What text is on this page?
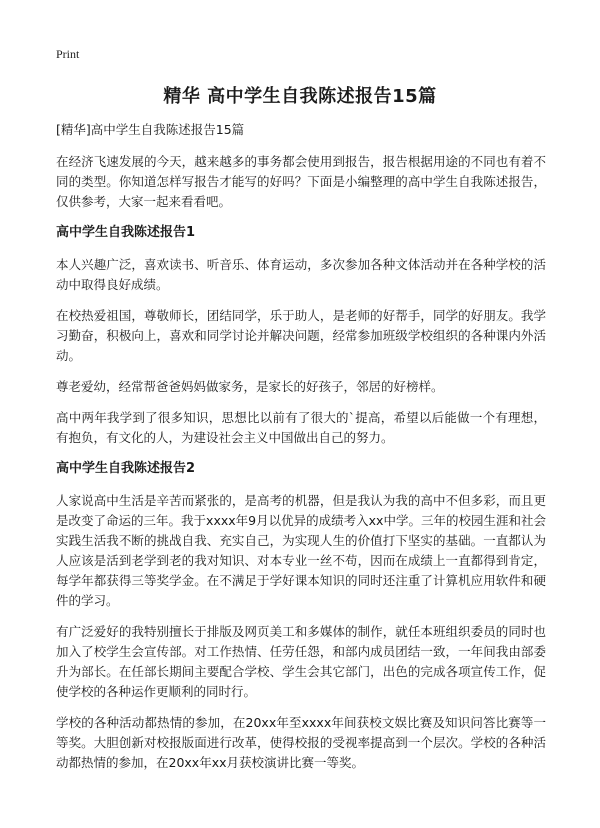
Print
精华 高中学生自我陈述报告15篇
[精华]高中学生自我陈述报告15篇

在经济飞速发展的今天，越来越多的事务都会使用到报告，报告根据用途的不同也有着不同的类型。你知道怎样写报告才能写的好吗？下面是小编整理的高中学生自我陈述报告，仅供参考，大家一起来看看吧。

高中学生自我陈述报告1

本人兴趣广泛，喜欢读书、听音乐、体育运动，多次参加各种文体活动并在各种学校的活动中取得良好成绩。

在校热爱祖国，尊敬师长，团结同学，乐于助人，是老师的好帮手，同学的好朋友。我学习勤奋，积极向上，喜欢和同学讨论并解决问题，经常参加班级学校组织的各种课内外活动。

尊老爱幼，经常帮爸爸妈妈做家务，是家长的好孩子，邻居的好榜样。

高中两年我学到了很多知识，思想比以前有了很大的`提高，希望以后能做一个有理想，有抱负，有文化的人，为建设社会主义中国做出自己的努力。

高中学生自我陈述报告2

人家说高中生活是辛苦而紧张的，是高考的机器，但是我认为我的高中不但多彩，而且更是改变了命运的三年。我于xxxx年9月以优异的成绩考入xx中学。三年的校园生涯和社会实践生活我不断的挑战自我、充实自己，为实现人生的价值打下坚实的基础。一直都认为人应该是活到老学到老的我对知识、对本专业一丝不苟，因而在成绩上一直都得到肯定，每学年都获得三等奖学金。在不满足于学好课本知识的同时还注重了计算机应用软件和硬件的学习。

有广泛爱好的我特别擅长于排版及网页美工和多媒体的制作，就任本班组织委员的同时也加入了校学生会宣传部。对工作热情、任劳任怨，和部内成员团结一致，一年间我由部委升为部长。在任部长期间主要配合学校、学生会其它部门，出色的完成各项宣传工作，促使学校的各种运作更顺利的同时行。

学校的各种活动都热情的参加，在20xx年至xxxx年间获校文娱比赛及知识问答比赛等一等奖。大胆创新对校报版面进行改革，使得校报的受视率提高到一个层次。学校的各种活动都热情的参加，在20xx年xx月获校演讲比赛一等奖。
